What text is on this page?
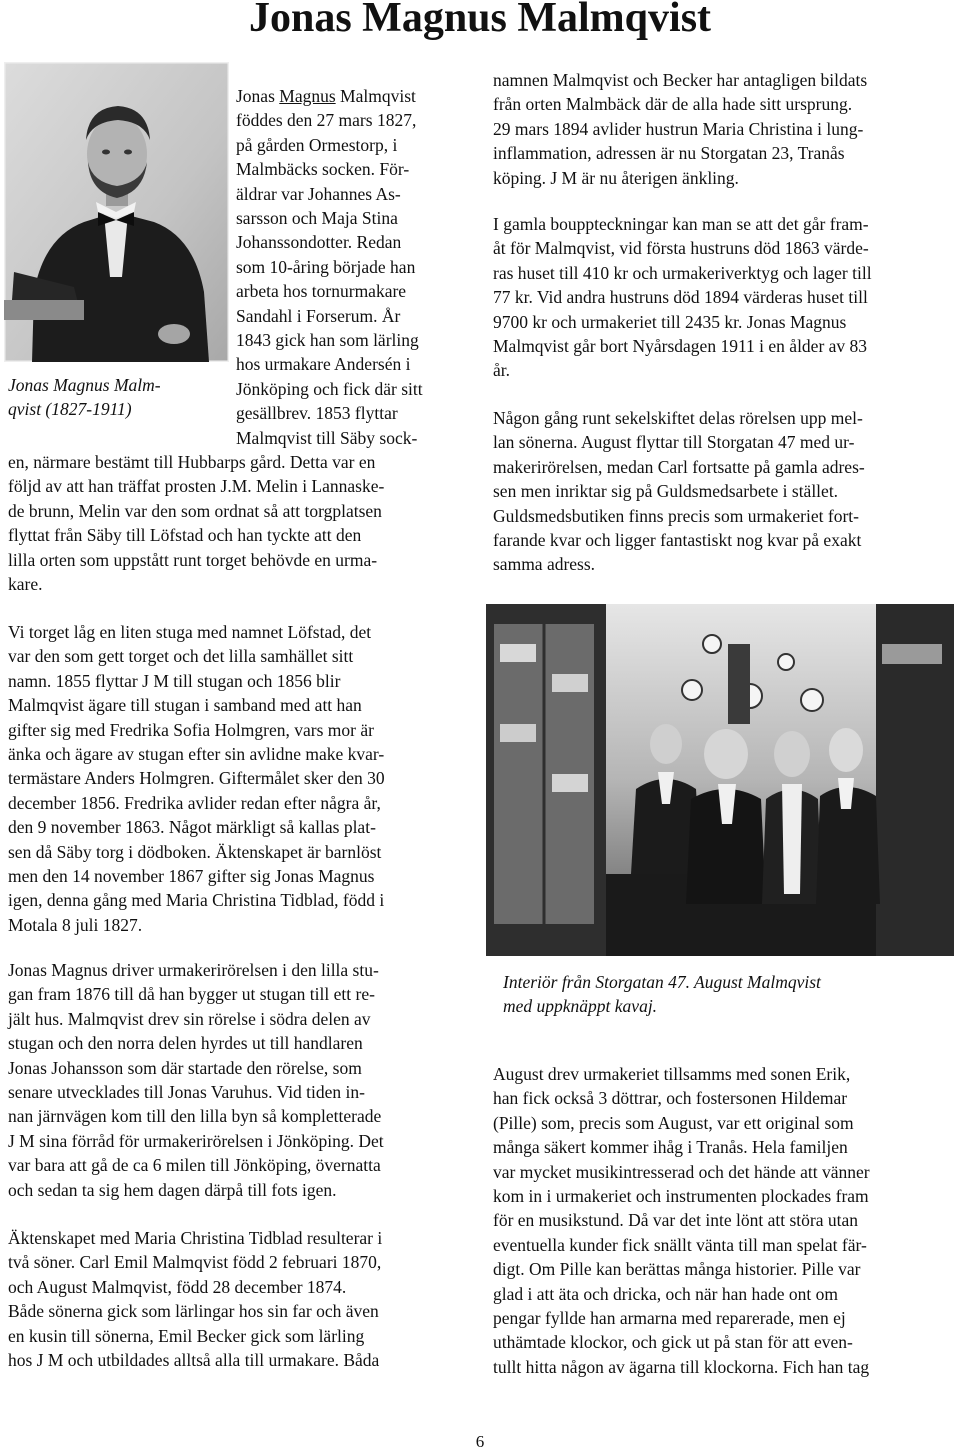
Jonas Magnus Malmqvist
Jonas Magnus Malm-
qvist (1827-1911)
Jonas Magnus Malmqvist
föddes den 27 mars 1827,
på gården Ormestorp, i
Malmbäcks socken. För-
äldrar var Johannes As-
sarsson och Maja Stina
Johanssondotter. Redan
som 10-åring började han
arbeta hos tornurmakare
Sandahl i Forserum. År
1843 gick han som lärling
hos urmakare Andersén i
Jönköping och fick där sitt
gesällbrev. 1853 flyttar
Malmqvist till Säby sock-
en, närmare bestämt till Hubbarps gård. Detta var en
följd av att han träffat prosten J.M. Melin i Lannaske-
de brunn, Melin var den som ordnat så att torgplatsen
flyttat från Säby till Löfstad och han tyckte att den
lilla orten som uppstått runt torget behövde en urma-
kare.
Vi torget låg en liten stuga med namnet Löfstad, det
var den som gett torget och det lilla samhället sitt
namn. 1855 flyttar J M till stugan och 1856 blir
Malmqvist ägare till stugan i samband med att han
gifter sig med Fredrika Sofia Holmgren, vars mor är
änka och ägare av stugan efter sin avlidne make kvar-
termästare Anders Holmgren. Giftermålet sker den 30
december 1856. Fredrika avlider redan efter några år,
den 9 november 1863. Något märkligt så kallas plat-
sen då Säby torg i dödboken. Äktenskapet är barnlöst
men den 14 november 1867 gifter sig Jonas Magnus
igen, denna gång med Maria Christina Tidblad, född i
Motala 8 juli 1827.
Jonas Magnus driver urmakerirörelsen i den lilla stu-
gan fram 1876 till då han bygger ut stugan till ett re-
jält hus. Malmqvist drev sin rörelse i södra delen av
stugan och den norra delen hyrdes ut till handlaren
Jonas Johansson som där startade den rörelse, som
senare utvecklades till Jonas Varuhus. Vid tiden in-
nan järnvägen kom till den lilla byn så kompletterade
J M sina förråd för urmakerirörelsen i Jönköping. Det
var bara att gå de ca 6 milen till Jönköping, övernatta
och sedan ta sig hem dagen därpå till fots igen.
Äktenskapet med Maria Christina Tidblad resulterar i
två söner. Carl Emil Malmqvist född 2 februari 1870,
och August Malmqvist, född 28 december 1874.
Både sönerna gick som lärlingar hos sin far och även
en kusin till sönerna, Emil Becker gick som lärling
hos J M och utbildades alltså alla till urmakare. Båda
namnen Malmqvist och Becker har antagligen bildats
från orten Malmbäck där de alla hade sitt ursprung.
29 mars 1894 avlider hustrun Maria Christina i lung-
inflammation, adressen är nu Storgatan 23, Tranås
köping. J M är nu återigen änkling.
I gamla bouppteckningar kan man se att det går fram-
åt för Malmqvist, vid första hustruns död 1863 värde-
ras huset till 410 kr och urmakeriverktyg och lager till
77 kr. Vid andra hustruns död 1894 värderas huset till
9700 kr och urmakeriet till 2435 kr. Jonas Magnus
Malmqvist går bort Nyårsdagen 1911 i en ålder av 83
år.
Någon gång runt sekelskiftet delas rörelsen upp mel-
lan sönerna. August flyttar till Storgatan 47 med ur-
makerirörelsen, medan Carl fortsatte på gamla adres-
sen men inriktar sig på Guldsmedsarbete i stället.
Guldsmedsbutiken finns precis som urmakeriet fort-
farande kvar och ligger fantastiskt nog kvar på exakt
samma adress.
Interiör från Storgatan 47. August Malmqvist
med uppknäppt kavaj.
August drev urmakeriet tillsamms med sonen Erik,
han fick också 3 döttrar, och fostersonen Hildemar
(Pille) som, precis som August, var ett original som
många säkert kommer ihåg i Tranås. Hela familjen
var mycket musikintresserad och det hände att vänner
kom in i urmakeriet och instrumenten plockades fram
för en musikstund. Då var det inte lönt att störa utan
eventuella kunder fick snällt vänta till man spelat fär-
digt. Om Pille kan berättas många historier. Pille var
glad i att äta och dricka, och när han hade ont om
pengar fyllde han armarna med reparerade, men ej
uthämtade klockor, och gick ut på stan för att even-
tullt hitta någon av ägarna till klockorna. Fich han tag
6
